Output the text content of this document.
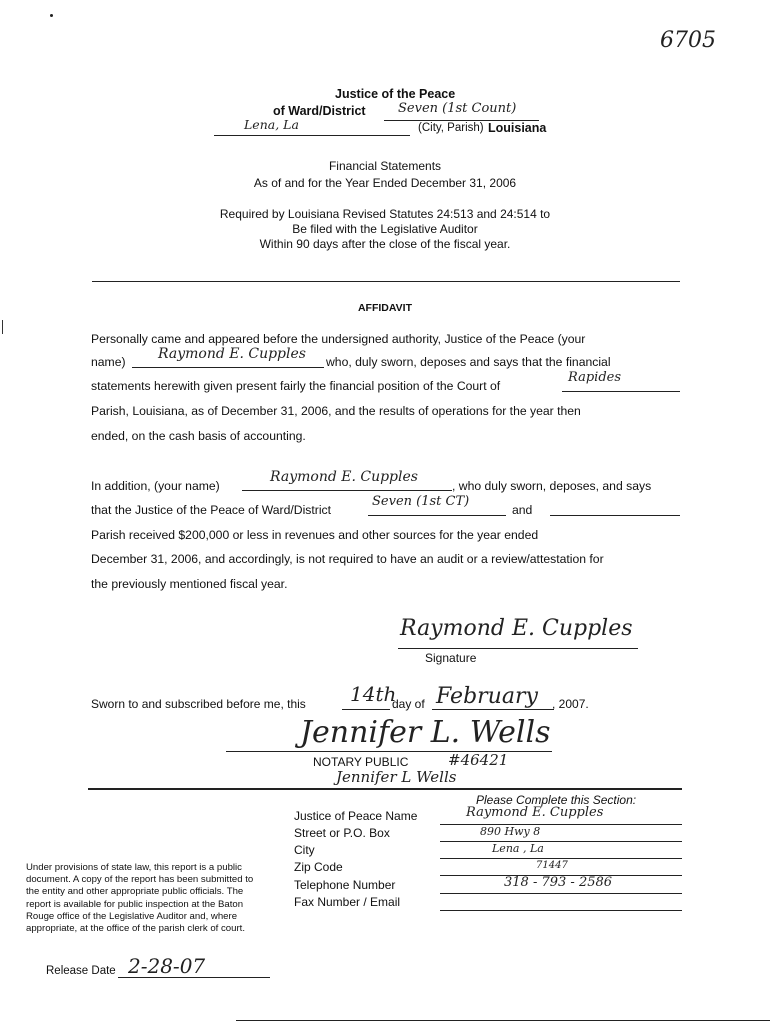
6705
Justice of the Peace
of Ward/District Seven (1st Count)
Lena, La	(City, Parish) Louisiana
Financial Statements
As of and for the Year Ended December 31, 2006
Required by Louisiana Revised Statutes 24:513 and 24:514 to
Be filed with the Legislative Auditor
Within 90 days after the close of the fiscal year.
AFFIDAVIT
Personally came and appeared before the undersigned authority, Justice of the Peace (your
name) Raymond E. Cupples who, duly sworn, deposes and says that the financial
statements herewith given present fairly the financial position of the Court of
Rapides
Parish, Louisiana, as of December 31, 2006, and the results of operations for the year then
ended, on the cash basis of accounting.
In addition, (your name)
Raymond E. Cupples
, who duly sworn, deposes, and says
that the Justice of the Peace of Ward/District
Seven (1st CT)
and
Parish received $200,000 or less in revenues and other sources for the year ended
December 31, 2006, and accordingly, is not required to have an audit or a review/attestation for
the previously mentioned fiscal year.
Raymond E. Cupples
Signature
Sworn to and subscribed before me, this 14th
day of February , 2007.
Jennifer L. Wells
NOTARY PUBLIC	#46421
Jennifer L Wells
Please Complete this Section:
Justice of Peace Name
Street or P.O. Box
City
Zip Code
Telephone Number
Fax Number / Email
Raymond E. Cupples
890 Hwy 8
Lena , La
71447
318 - 793 - 2586
Under provisions of state law, this report is a public
document. A copy of the report has been submitted to
the entity and other appropriate public officials. The
report is available for public inspection at the Baton
Rouge office of the Legislative Auditor and, where
appropriate, at the office of the parish clerk of court.
Release Date 2-28-07
